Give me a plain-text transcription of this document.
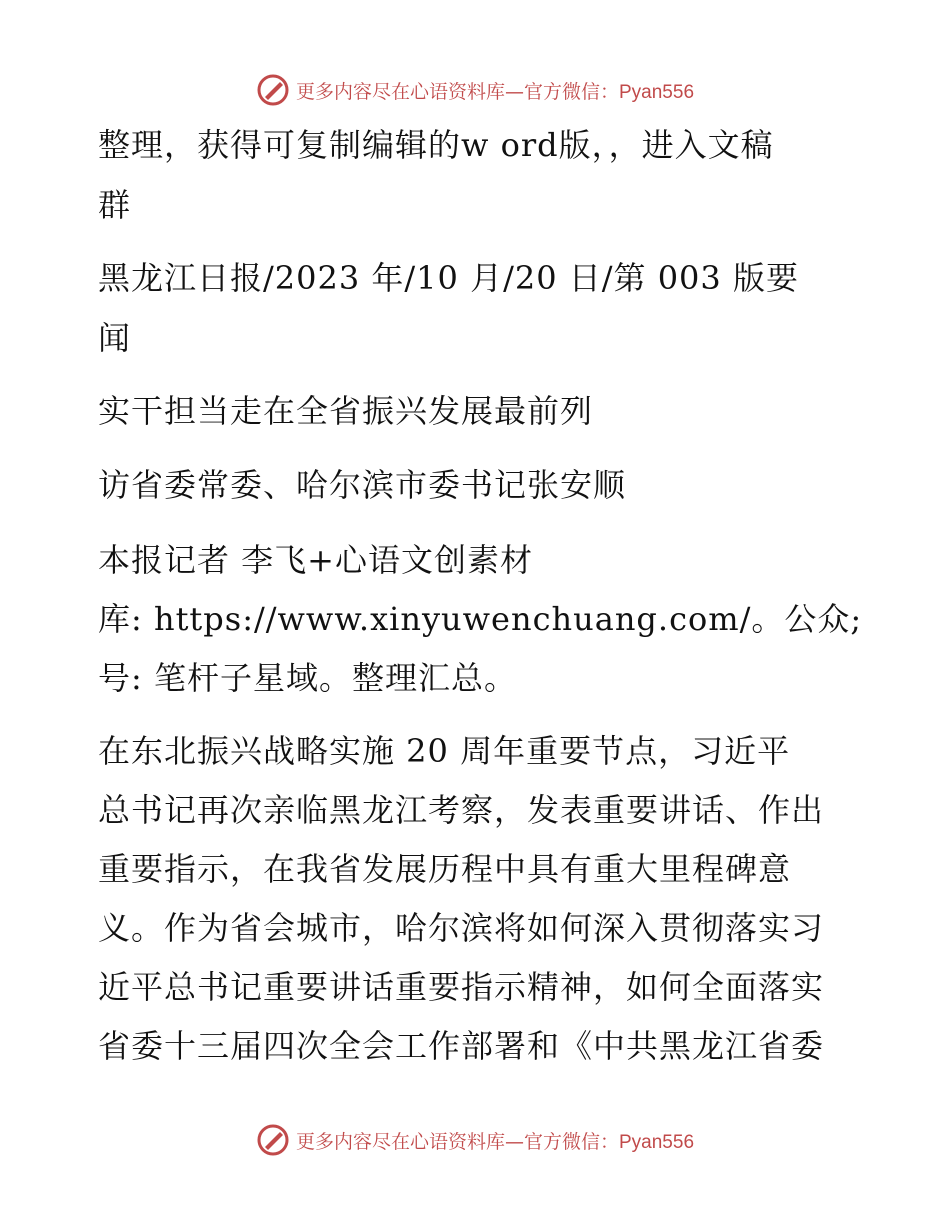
更多内容尽在心语资料库—官方微信：Pyan556
整理，获得可复制编辑的w ord版，，进入文稿
群
黑龙江日报/2023 年/10 月/20 日/第 003 版要
闻
实干担当走在全省振兴发展最前列
访省委常委、哈尔滨市委书记张安顺
本报记者 李飞+心语文创素材
库: https://www.xinyuwenchuang.com/。公众;
号: 笔杆子星域。整理汇总。
在东北振兴战略实施 20 周年重要节点，习近平
总书记再次亲临黑龙江考察，发表重要讲话、作出
重要指示，在我省发展历程中具有重大里程碑意
义。作为省会城市，哈尔滨将如何深入贯彻落实习
近平总书记重要讲话重要指示精神，如何全面落实
省委十三届四次全会工作部署和《中共黑龙江省委
更多内容尽在心语资料库—官方微信：Pyan556
